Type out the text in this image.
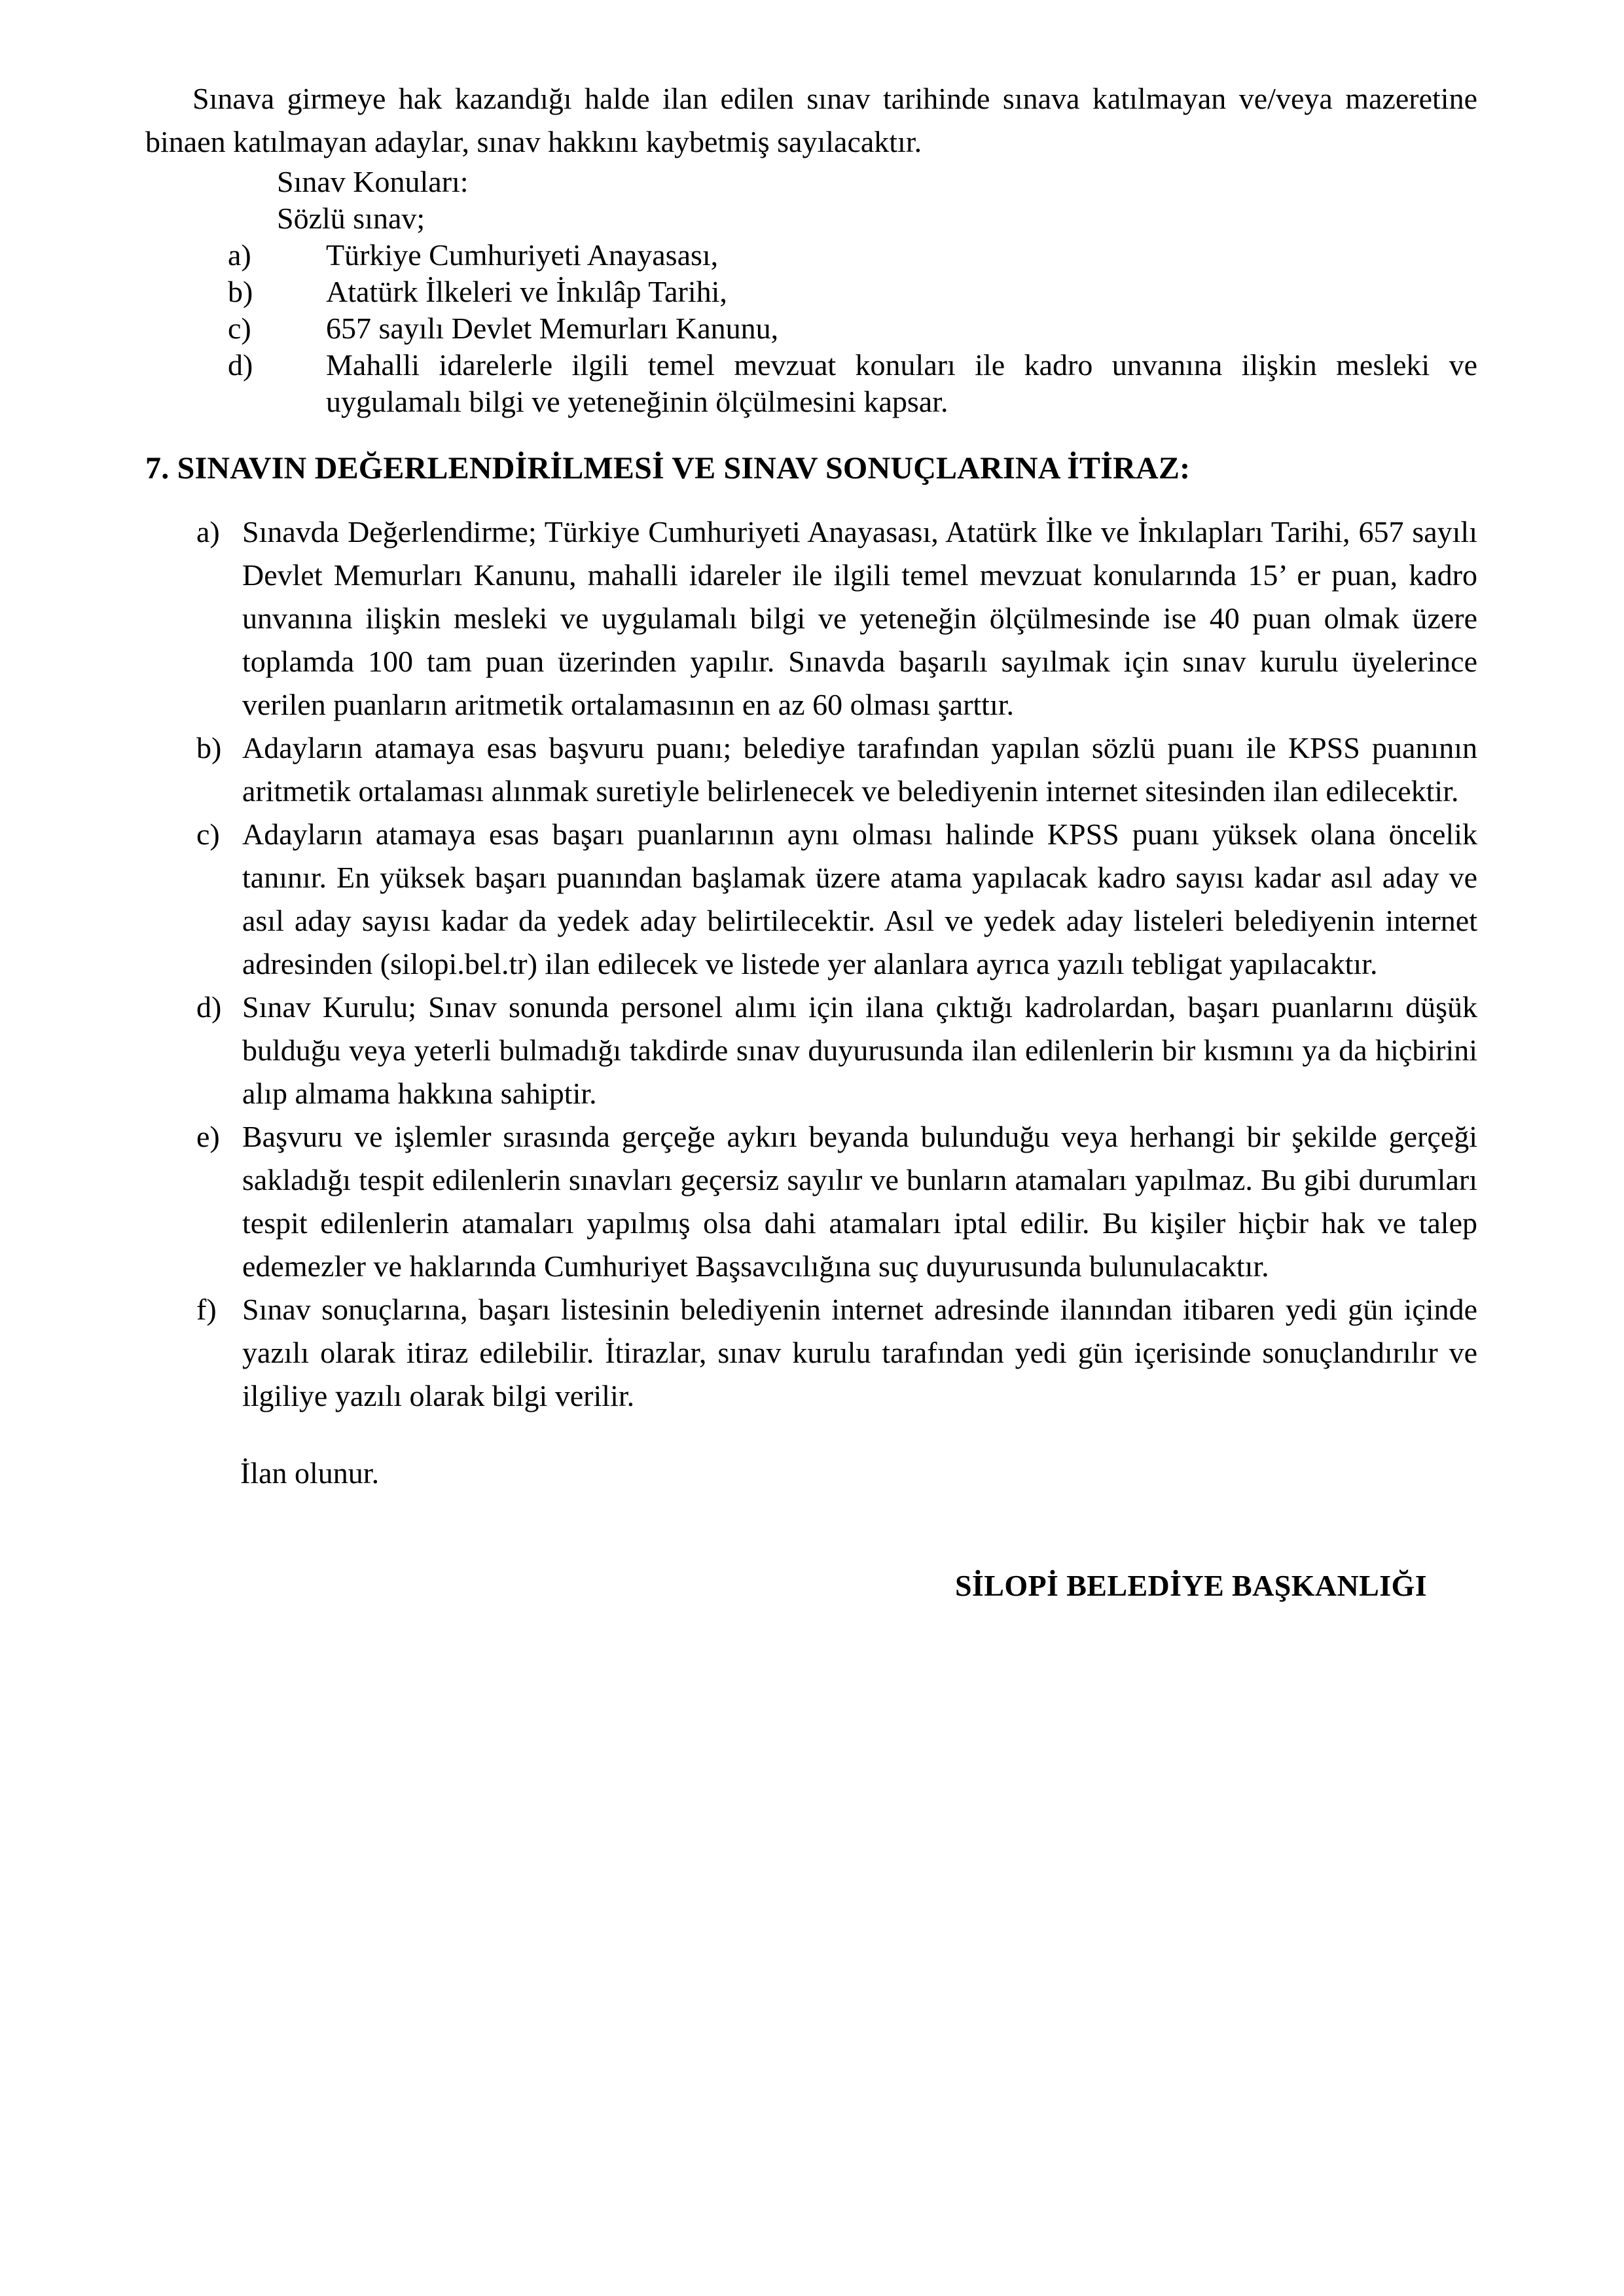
Sınava girmeye hak kazandığı halde ilan edilen sınav tarihinde sınava katılmayan ve/veya mazeretine binaen katılmayan adaylar, sınav hakkını kaybetmiş sayılacaktır.

Sınav Konuları:
Sözlü sınav;
a)	Türkiye Cumhuriyeti Anayasası,
b)	Atatürk İlkeleri ve İnkılâp Tarihi,
c)	657 sayılı Devlet Memurları Kanunu,
d)	Mahalli idarelerle ilgili temel mevzuat konuları ile kadro unvanına ilişkin mesleki ve uygulamalı bilgi ve yeteneğinin ölçülmesini kapsar.
7. SINAVIN DEĞERLENDİRİLMESİ VE SINAV SONUÇLARINA İTİRAZ:
a) Sınavda Değerlendirme; Türkiye Cumhuriyeti Anayasası, Atatürk İlke ve İnkılapları Tarihi, 657 sayılı Devlet Memurları Kanunu, mahalli idareler ile ilgili temel mevzuat konularında 15’ er puan, kadro unvanına ilişkin mesleki ve uygulamalı bilgi ve yeteneğin ölçülmesinde ise 40 puan olmak üzere toplamda 100 tam puan üzerinden yapılır. Sınavda başarılı sayılmak için sınav kurulu üyelerince verilen puanların aritmetik ortalamasının en az 60 olması şarttır.
b) Adayların atamaya esas başvuru puanı; belediye tarafından yapılan sözlü puanı ile KPSS puanının aritmetik ortalaması alınmak suretiyle belirlenecek ve belediyenin internet sitesinden ilan edilecektir.
c) Adayların atamaya esas başarı puanlarının aynı olması halinde KPSS puanı yüksek olana öncelik tanınır. En yüksek başarı puanından başlamak üzere atama yapılacak kadro sayısı kadar asıl aday ve asıl aday sayısı kadar da yedek aday belirtilecektir. Asıl ve yedek aday listeleri belediyenin internet adresinden (silopi.bel.tr) ilan edilecek ve listede yer alanlara ayrıca yazılı tebligat yapılacaktır.
d) Sınav Kurulu; Sınav sonunda personel alımı için ilana çıktığı kadrolardan, başarı puanlarını düşük bulduğu veya yeterli bulmadığı takdirde sınav duyurusunda ilan edilenlerin bir kısmını ya da hiçbirini alıp almama hakkına sahiptir.
e) Başvuru ve işlemler sırasında gerçeğe aykırı beyanda bulunduğu veya herhangi bir şekilde gerçeği sakladığı tespit edilenlerin sınavları geçersiz sayılır ve bunların atamaları yapılmaz. Bu gibi durumları tespit edilenlerin atamaları yapılmış olsa dahi atamaları iptal edilir. Bu kişiler hiçbir hak ve talep edemezler ve haklarında Cumhuriyet Başsavcılığına suç duyurusunda bulunulacaktır.
f) Sınav sonuçlarına, başarı listesinin belediyenin internet adresinde ilanından itibaren yedi gün içinde yazılı olarak itiraz edilebilir. İtirazlar, sınav kurulu tarafından yedi gün içerisinde sonuçlandırılır ve ilgiliye yazılı olarak bilgi verilir.

İlan olunur.

SİLOPİ BELEDİYE BAŞKANLIĞI
